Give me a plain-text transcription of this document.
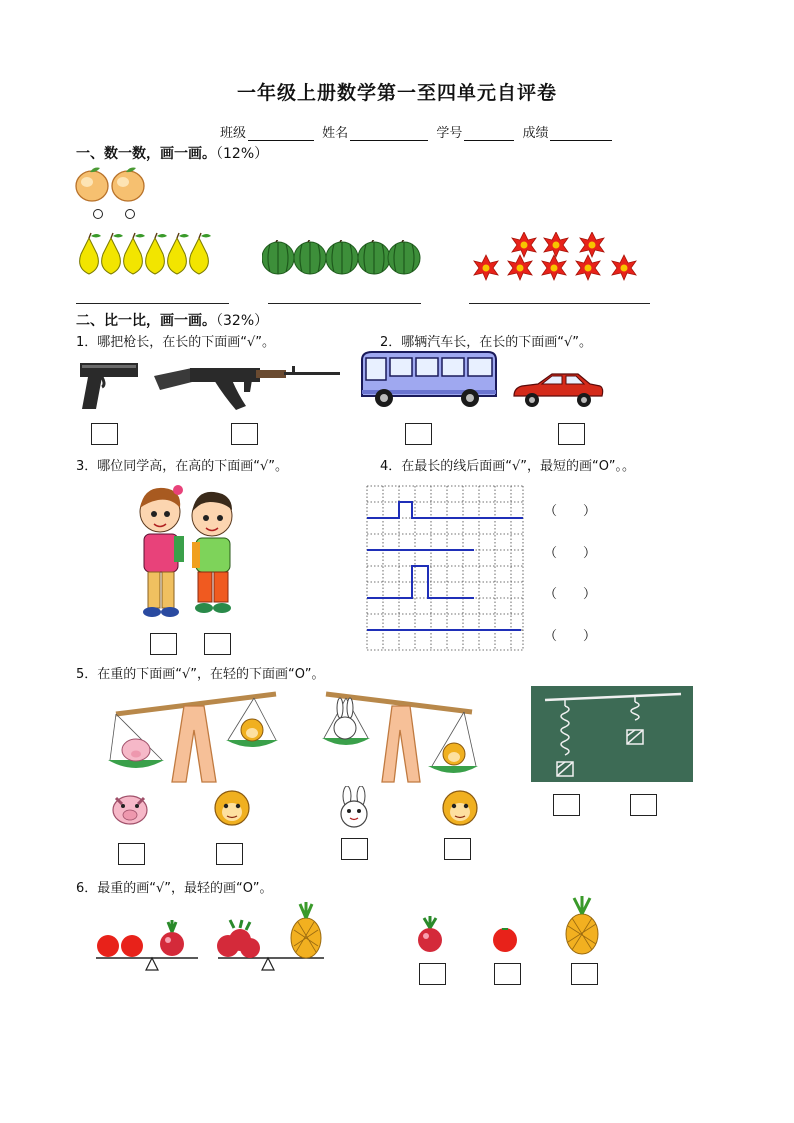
一年级上册数学第一至四单元自评卷
班级	姓名	学号	成绩
一、数一数，画一画。（12%）
二、比一比，画一画。（32%）
1．哪把枪长，在长的下面画“√”。	2．哪辆汽车长，在长的下面画“√”。
3．哪位同学高，在高的下面画“√”。	4．在最长的线后面画“√”，最短的画“O”。。
（　　）
（　　）
（　　）
（　　）
5．在重的下面画“√”，在轻的下面画“O”。
6．最重的画“√”，最轻的画“O”。
